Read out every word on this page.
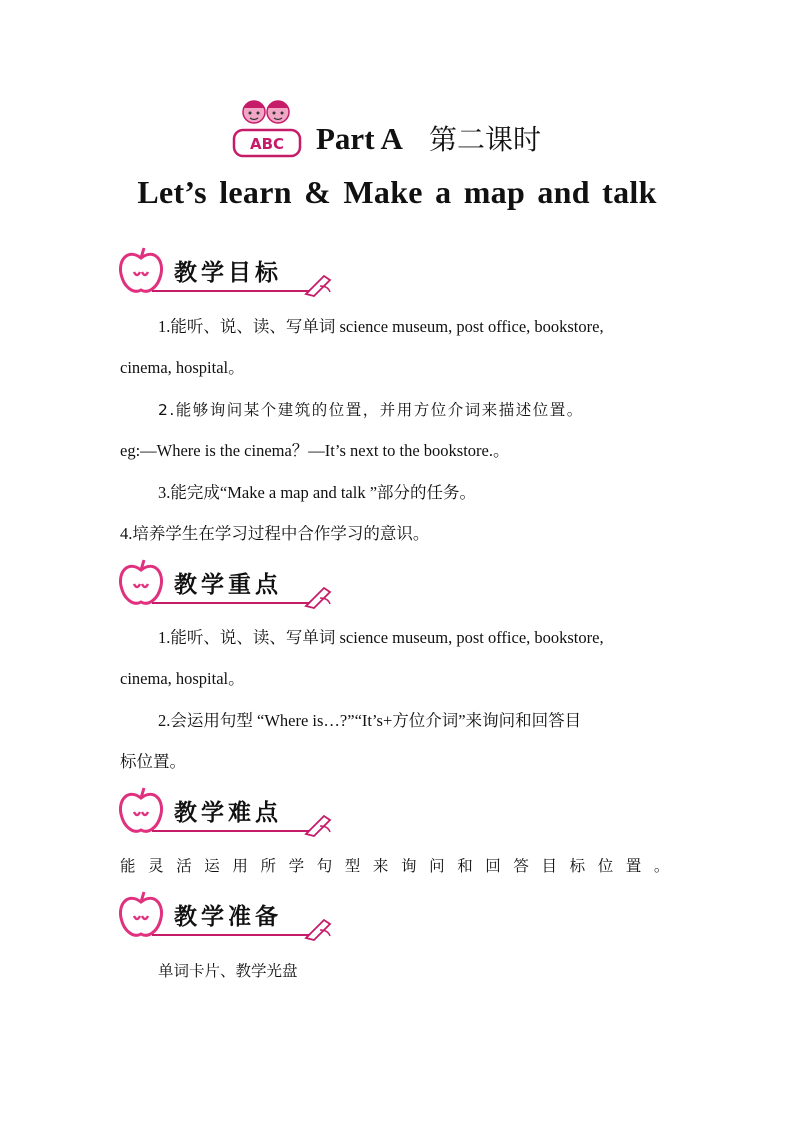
ABC Part A 第二课时
Let’s learn & Make a map and talk
教学目标
1.能听、说、读、写单词 science museum, post office, bookstore,
cinema, hospital。
2.能够询问某个建筑的位置，并用方位介词来描述位置。
eg:—Where is the cinema？—It’s next to the bookstore.。
3.能完成“Make a map and talk ”部分的任务。
4.培养学生在学习过程中合作学习的意识。
教学重点
1.能听、说、读、写单词 science museum, post office, bookstore,
cinema, hospital。
2.会运用句型 “Where is…?”“It’s+方位介词”来询问和回答目
标位置。
教学难点
能灵活运用所学句型来询问和回答目标位置。
教学准备
单词卡片、教学光盘
